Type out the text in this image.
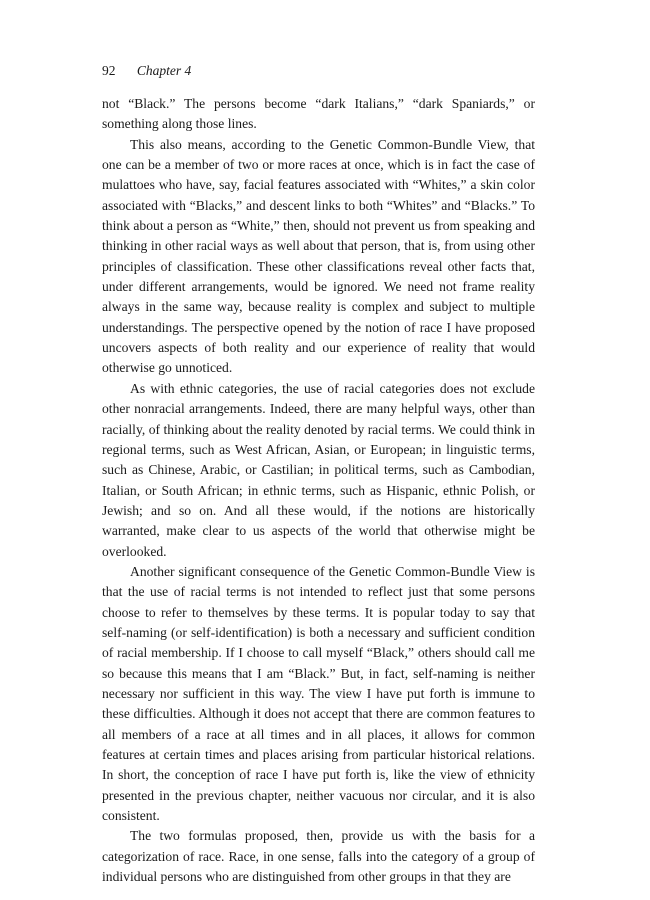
92 Chapter 4

not “Black.” The persons become “dark Italians,” “dark Spaniards,” or something along those lines.

This also means, according to the Genetic Common-Bundle View, that one can be a member of two or more races at once, which is in fact the case of mulattoes who have, say, facial features associated with “Whites,” a skin color associated with “Blacks,” and descent links to both “Whites” and “Blacks.” To think about a person as “White,” then, should not prevent us from speaking and thinking in other racial ways as well about that person, that is, from using other principles of classification. These other classifications reveal other facts that, under different arrangements, would be ignored. We need not frame reality always in the same way, because reality is complex and subject to multiple understandings. The perspective opened by the notion of race I have proposed uncovers aspects of both reality and our experience of reality that would otherwise go unnoticed.

As with ethnic categories, the use of racial categories does not exclude other nonracial arrangements. Indeed, there are many helpful ways, other than racially, of thinking about the reality denoted by racial terms. We could think in regional terms, such as West African, Asian, or European; in linguistic terms, such as Chinese, Arabic, or Castilian; in political terms, such as Cambodian, Italian, or South African; in ethnic terms, such as Hispanic, ethnic Polish, or Jewish; and so on. And all these would, if the notions are historically warranted, make clear to us aspects of the world that otherwise might be overlooked.

Another significant consequence of the Genetic Common-Bundle View is that the use of racial terms is not intended to reflect just that some persons choose to refer to themselves by these terms. It is popular today to say that self-naming (or self-identification) is both a necessary and sufficient condition of racial membership. If I choose to call myself “Black,” others should call me so because this means that I am “Black.” But, in fact, self-naming is neither necessary nor sufficient in this way. The view I have put forth is immune to these difficulties. Although it does not accept that there are common features to all members of a race at all times and in all places, it allows for common features at certain times and places arising from particular historical relations. In short, the conception of race I have put forth is, like the view of ethnicity presented in the previous chapter, neither vacuous nor circular, and it is also consistent.

The two formulas proposed, then, provide us with the basis for a categorization of race. Race, in one sense, falls into the category of a group of individual persons who are distinguished from other groups in that they are
